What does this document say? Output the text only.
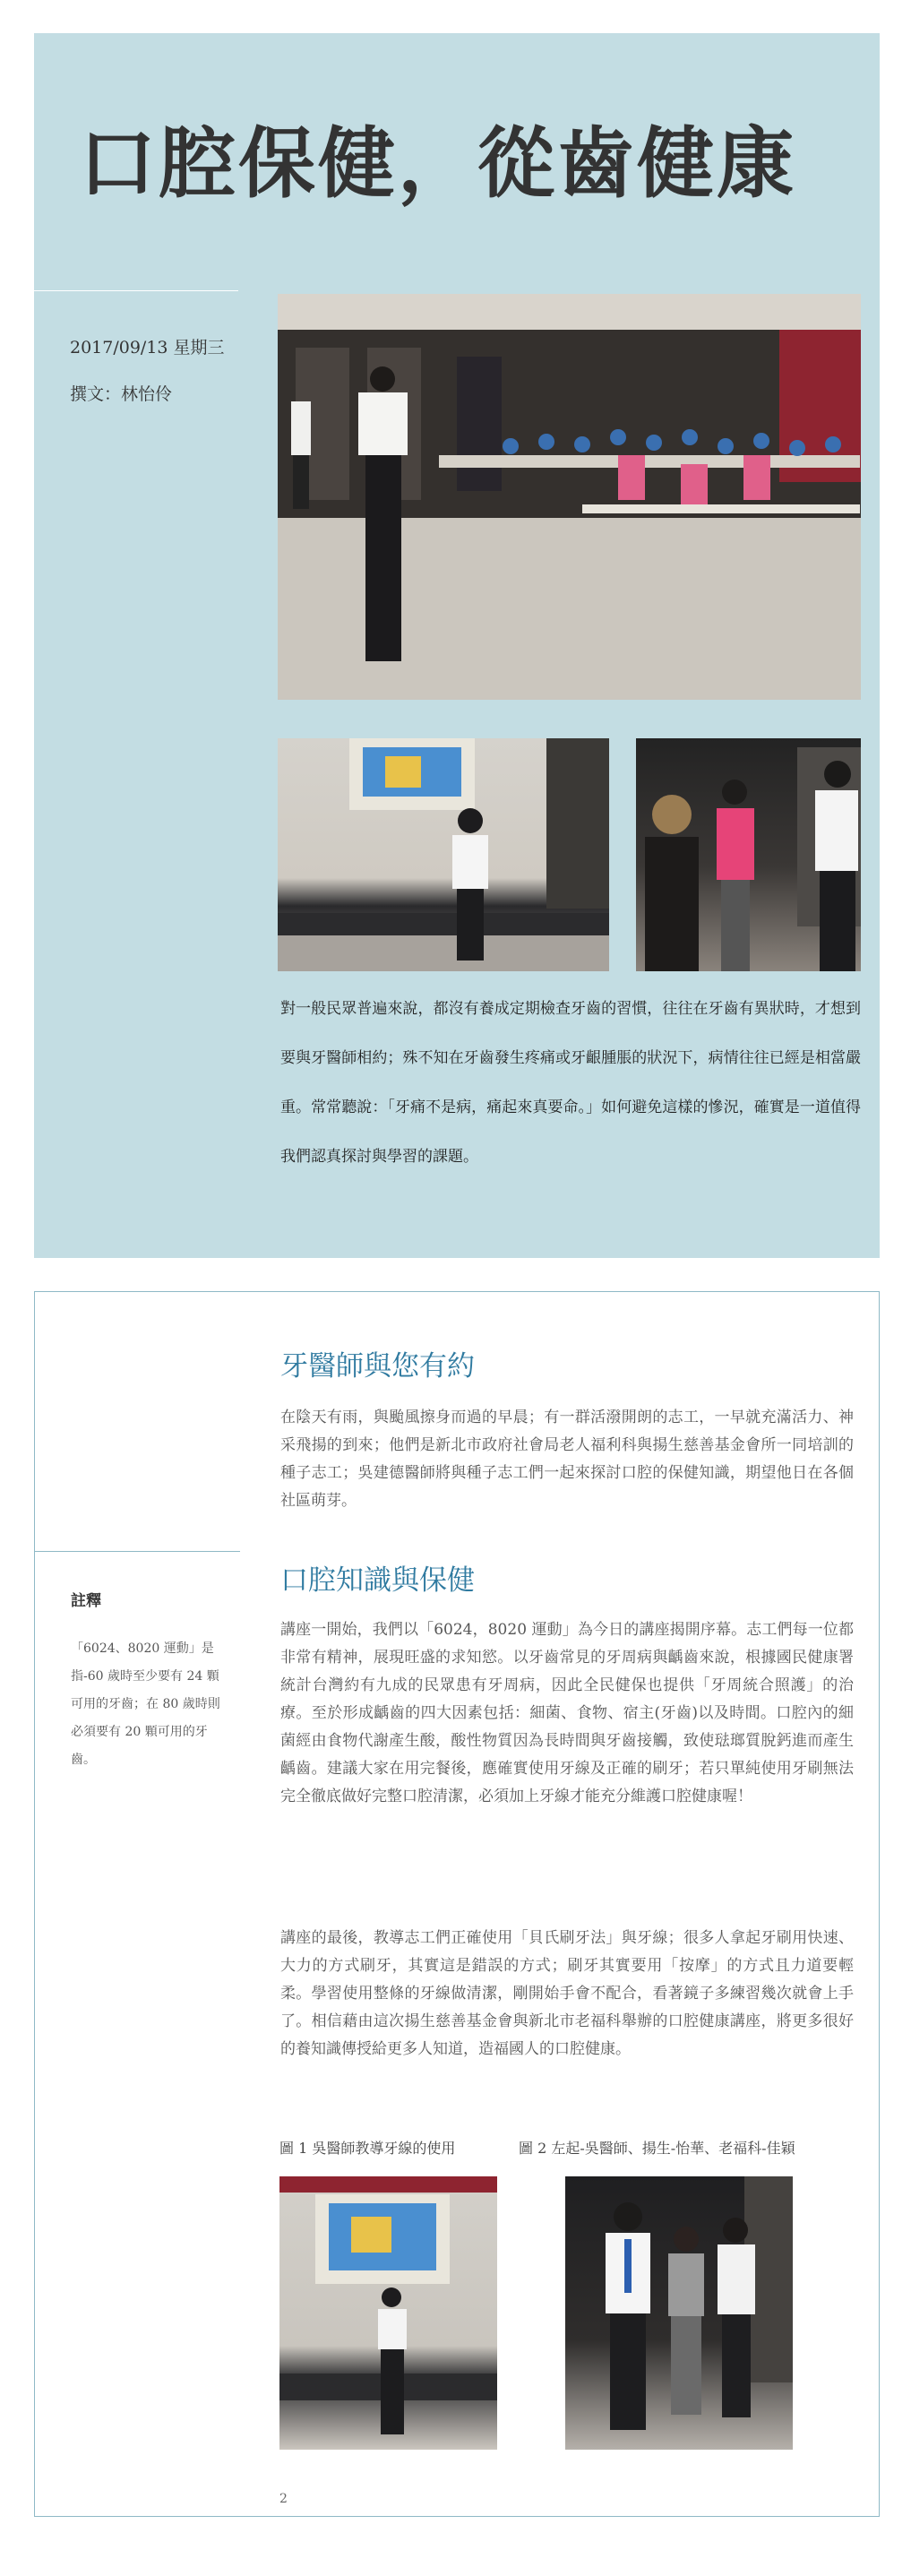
口腔保健，從齒健康
2017/09/13 星期三
撰文：林怡伶

對一般民眾普遍來說，都沒有養成定期檢查牙齒的習慣，往往在牙齒有異狀時，才想到要與牙醫師相約；殊不知在牙齒發生疼痛或牙齦腫脹的狀況下，病情往往已經是相當嚴重。常常聽說：「牙痛不是病，痛起來真要命。」如何避免這樣的慘況，確實是一道值得我們認真探討與學習的課題。

牙醫師與您有約

在陰天有雨，與颱風擦身而過的早晨；有一群活潑開朗的志工，一早就充滿活力、神采飛揚的到來；他們是新北市政府社會局老人福利科與揚生慈善基金會所一同培訓的種子志工；吳建德醫師將與種子志工們一起來探討口腔的保健知識，期望他日在各個社區萌芽。

註釋

「6024、8020 運動」是指-60 歲時至少要有 24 顆可用的牙齒；在 80 歲時則必須要有 20 顆可用的牙齒。

口腔知識與保健

講座一開始，我們以「6024，8020 運動」為今日的講座揭開序幕。志工們每一位都非常有精神，展現旺盛的求知慾。以牙齒常見的牙周病與齲齒來說，根據國民健康署統計台灣約有九成的民眾患有牙周病，因此全民健保也提供「牙周統合照護」的治療。至於形成齲齒的四大因素包括：細菌、食物、宿主(牙齒)以及時間。口腔內的細菌經由食物代謝產生酸，酸性物質因為長時間與牙齒接觸，致使琺瑯質脫鈣進而產生齲齒。建議大家在用完餐後，應確實使用牙線及正確的刷牙；若只單純使用牙刷無法完全徹底做好完整口腔清潔，必須加上牙線才能充分維護口腔健康喔！

講座的最後，教導志工們正確使用「貝氏刷牙法」與牙線；很多人拿起牙刷用快速、大力的方式刷牙，其實這是錯誤的方式；刷牙其實要用「按摩」的方式且力道要輕柔。學習使用整條的牙線做清潔，剛開始手會不配合，看著鏡子多練習幾次就會上手了。相信藉由這次揚生慈善基金會與新北市老福科舉辦的口腔健康講座，將更多很好的養知識傳授給更多人知道，造福國人的口腔健康。

圖 1 吳醫師教導牙線的使用	圖 2 左起-吳醫師、揚生-怡華、老福科-佳穎
2
